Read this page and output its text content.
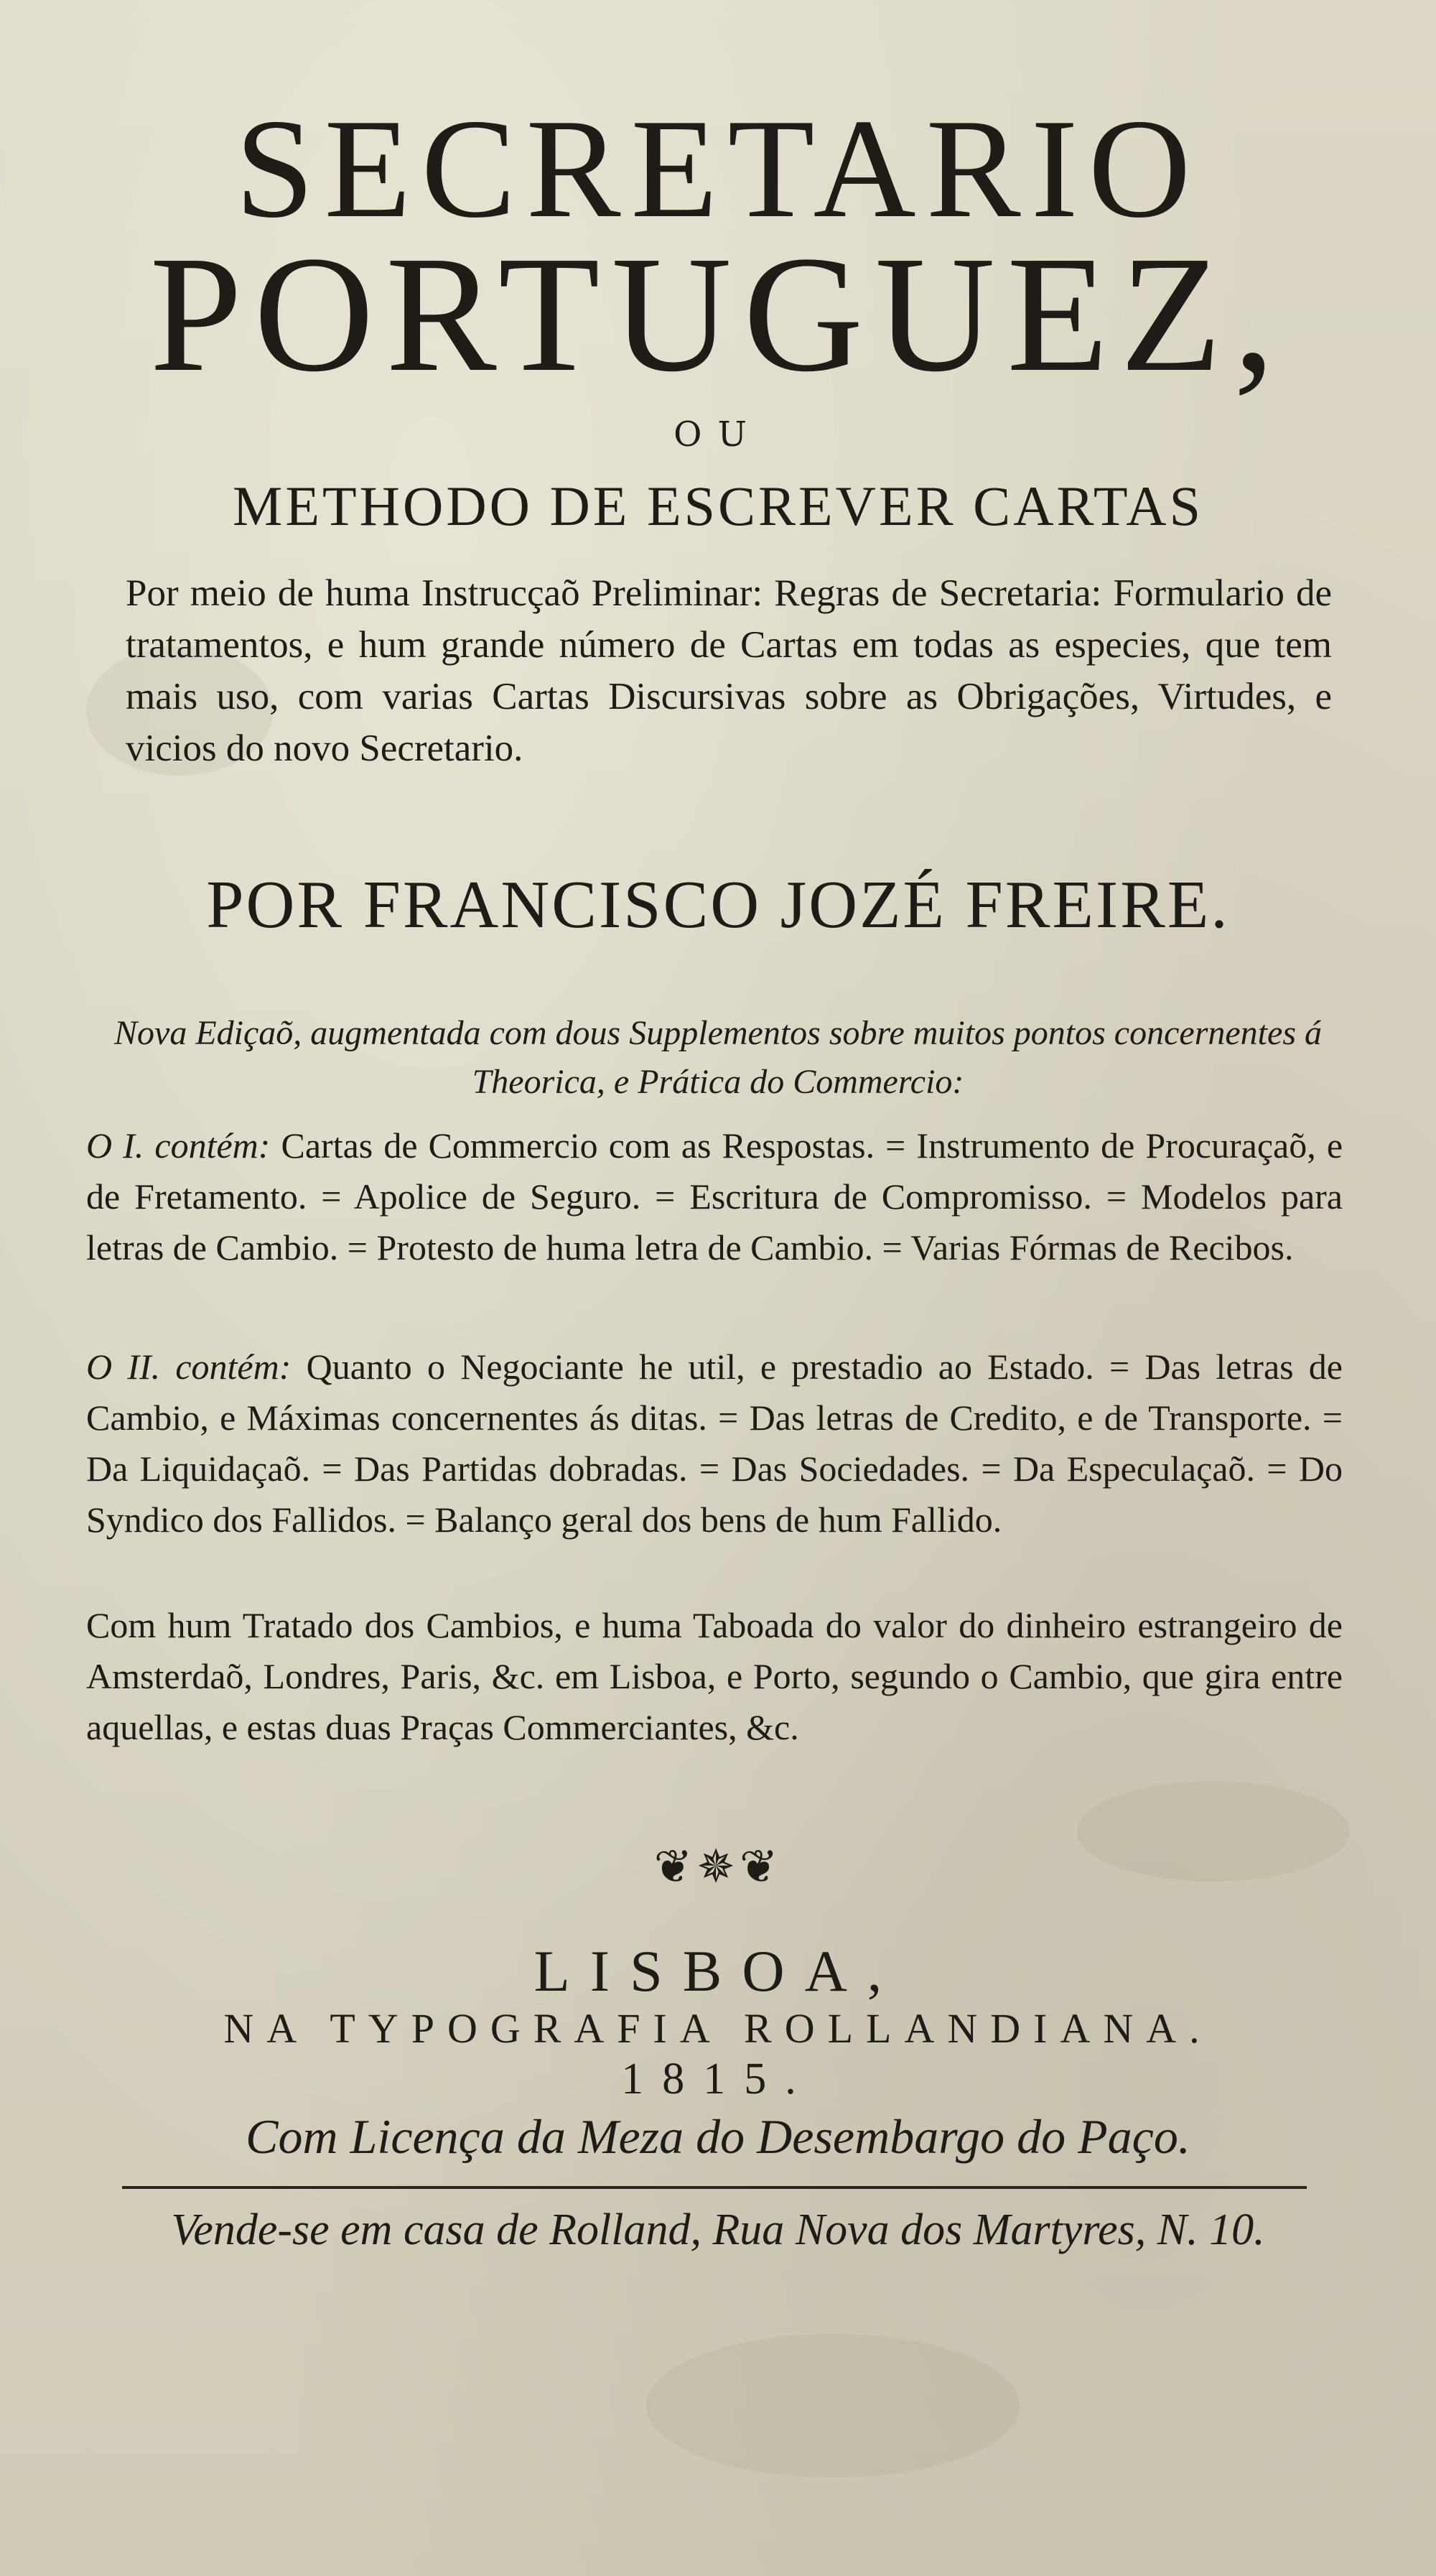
SECRETARIO
PORTUGUEZ,
OU
METHODO DE ESCREVER CARTAS
Por meio de huma Instrucçaõ Preliminar: Regras de Secretaria: Formulario de tratamentos, e hum grande número de Cartas em todas as especies, que tem mais uso, com varias Cartas Discursivas sobre as Obrigações, Virtudes, e vicios do novo Secretario.
POR FRANCISCO JOZÉ FREIRE.
Nova Ediçaõ, augmentada com dous Supplementos sobre muitos pontos concernentes á Theorica, e Prática do Commercio:
O I. contém: Cartas de Commercio com as Respostas. = Instrumento de Procuraçaõ, e de Fretamento. = Apolice de Seguro. = Escritura de Compromisso. = Modelos para letras de Cambio. = Protesto de huma letra de Cambio. = Varias Fórmas de Recibos.
O II. contém: Quanto o Negociante he util, e prestadio ao Estado. = Das letras de Cambio, e Máximas concernentes ás ditas. = Das letras de Credito, e de Transporte. = Da Liquidaçaõ. = Das Partidas dobradas. = Das Sociedades. = Da Especulaçaõ. = Do Syndico dos Fallidos. = Balanço geral dos bens de hum Fallido.
Com hum Tratado dos Cambios, e huma Taboada do valor do dinheiro estrangeiro de Amsterdaõ, Londres, Paris, &c. em Lisboa, e Porto, segundo o Cambio, que gira entre aquellas, e estas duas Praças Commerciantes, &c.
❦✵❦
LISBOA,
NA TYPOGRAFIA ROLLANDIANA.
1815.
Com Licença da Meza do Desembargo do Paço.
Vende-se em casa de Rolland, Rua Nova dos Martyres, N. 10.
